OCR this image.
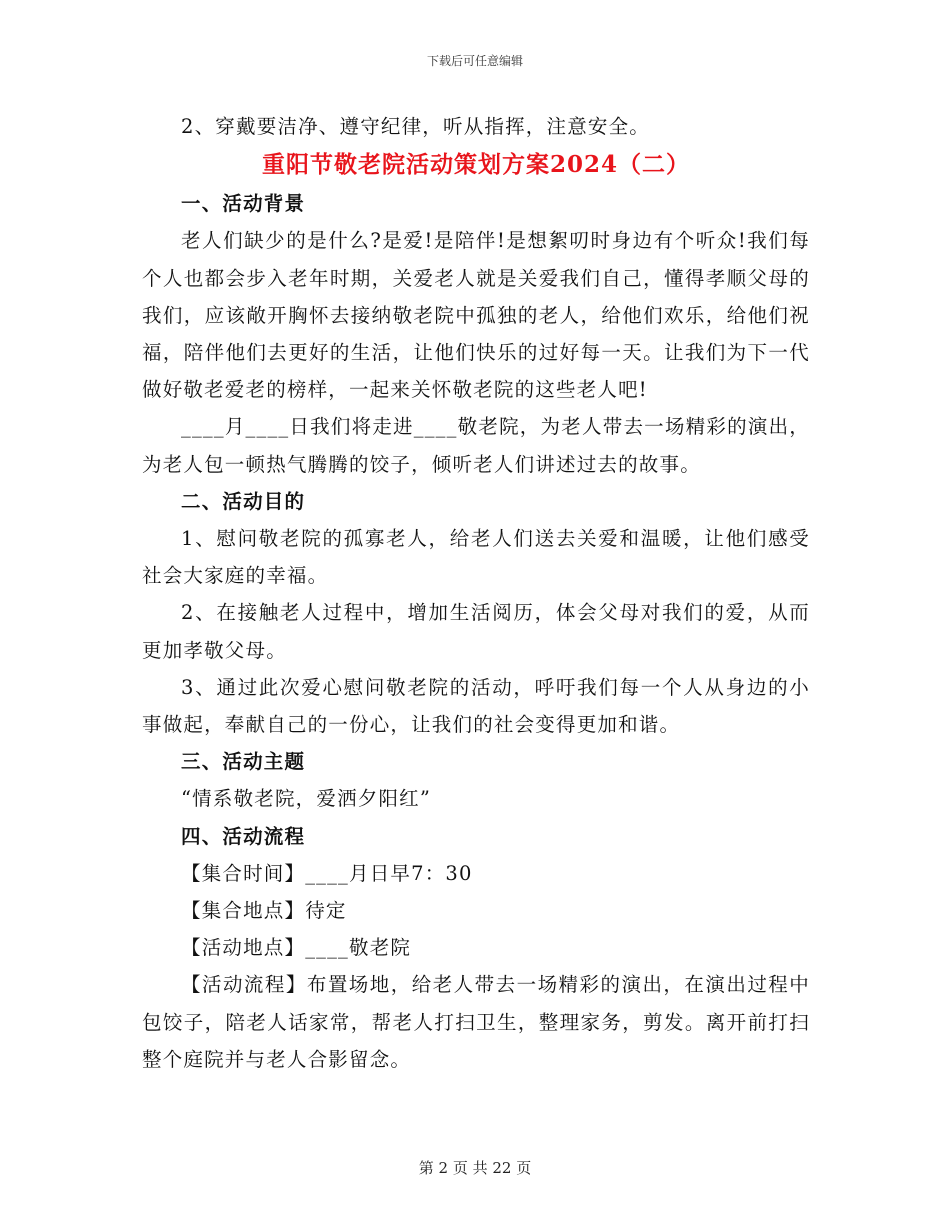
下载后可任意编辑

2、穿戴要洁净、遵守纪律，听从指挥，注意安全。

重阳节敬老院活动策划方案2024（二）

一、活动背景

老人们缺少的是什么?是爱!是陪伴!是想絮叨时身边有个听众!我们每个人也都会步入老年时期，关爱老人就是关爱我们自己，懂得孝顺父母的我们，应该敞开胸怀去接纳敬老院中孤独的老人，给他们欢乐，给他们祝福，陪伴他们去更好的生活，让他们快乐的过好每一天。让我们为下一代做好敬老爱老的榜样，一起来关怀敬老院的这些老人吧!

____月____日我们将走进____敬老院，为老人带去一场精彩的演出，为老人包一顿热气腾腾的饺子，倾听老人们讲述过去的故事。

二、活动目的

1、慰问敬老院的孤寡老人，给老人们送去关爱和温暖，让他们感受社会大家庭的幸福。

2、在接触老人过程中，增加生活阅历，体会父母对我们的爱，从而更加孝敬父母。

3、通过此次爱心慰问敬老院的活动，呼吁我们每一个人从身边的小事做起，奉献自己的一份心，让我们的社会变得更加和谐。

三、活动主题

“情系敬老院，爱洒夕阳红”

四、活动流程

【集合时间】____月日早7：30

【集合地点】待定

【活动地点】____敬老院

【活动流程】布置场地，给老人带去一场精彩的演出，在演出过程中包饺子，陪老人话家常，帮老人打扫卫生，整理家务，剪发。离开前打扫整个庭院并与老人合影留念。

第 2 页 共 22 页
